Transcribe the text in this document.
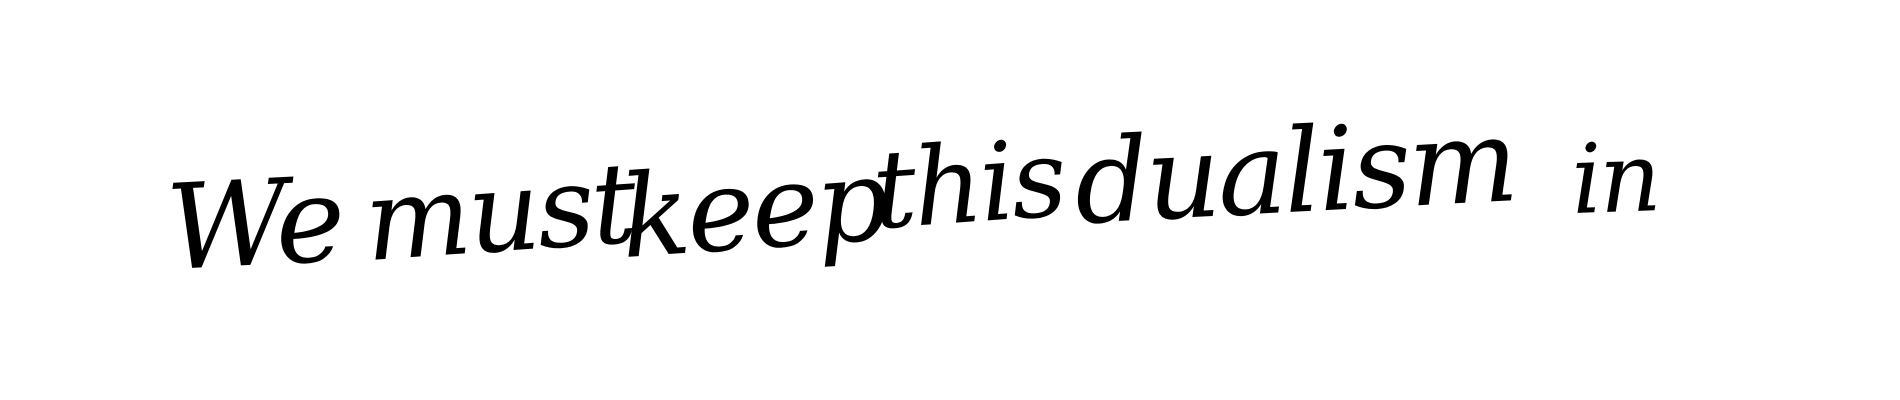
We must
keep
this dualism in
